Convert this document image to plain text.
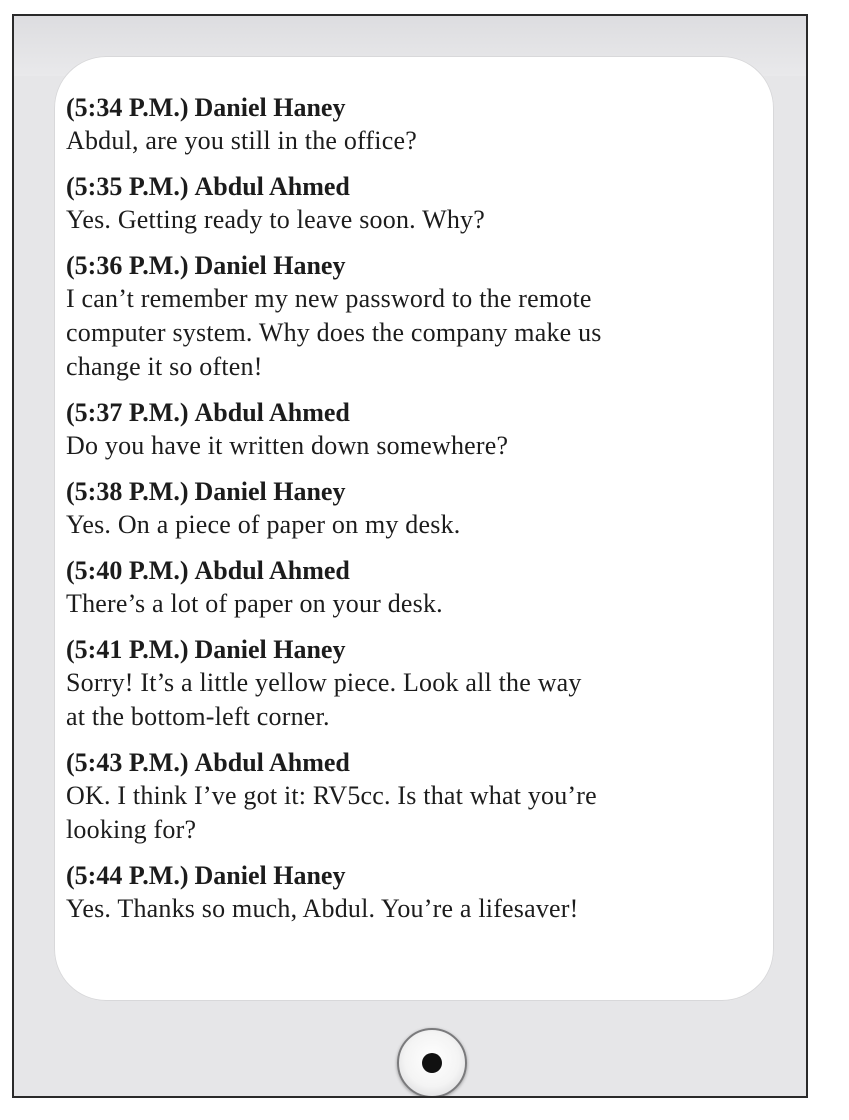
(5:34 P.M.) Daniel Haney
Abdul, are you still in the office?
(5:35 P.M.) Abdul Ahmed
Yes. Getting ready to leave soon. Why?
(5:36 P.M.) Daniel Haney
I can’t remember my new password to the remote
computer system. Why does the company make us
change it so often!
(5:37 P.M.) Abdul Ahmed
Do you have it written down somewhere?
(5:38 P.M.) Daniel Haney
Yes. On a piece of paper on my desk.
(5:40 P.M.) Abdul Ahmed
There’s a lot of paper on your desk.
(5:41 P.M.) Daniel Haney
Sorry! It’s a little yellow piece. Look all the way
at the bottom-left corner.
(5:43 P.M.) Abdul Ahmed
OK. I think I’ve got it: RV5cc. Is that what you’re
looking for?
(5:44 P.M.) Daniel Haney
Yes. Thanks so much, Abdul. You’re a lifesaver!
